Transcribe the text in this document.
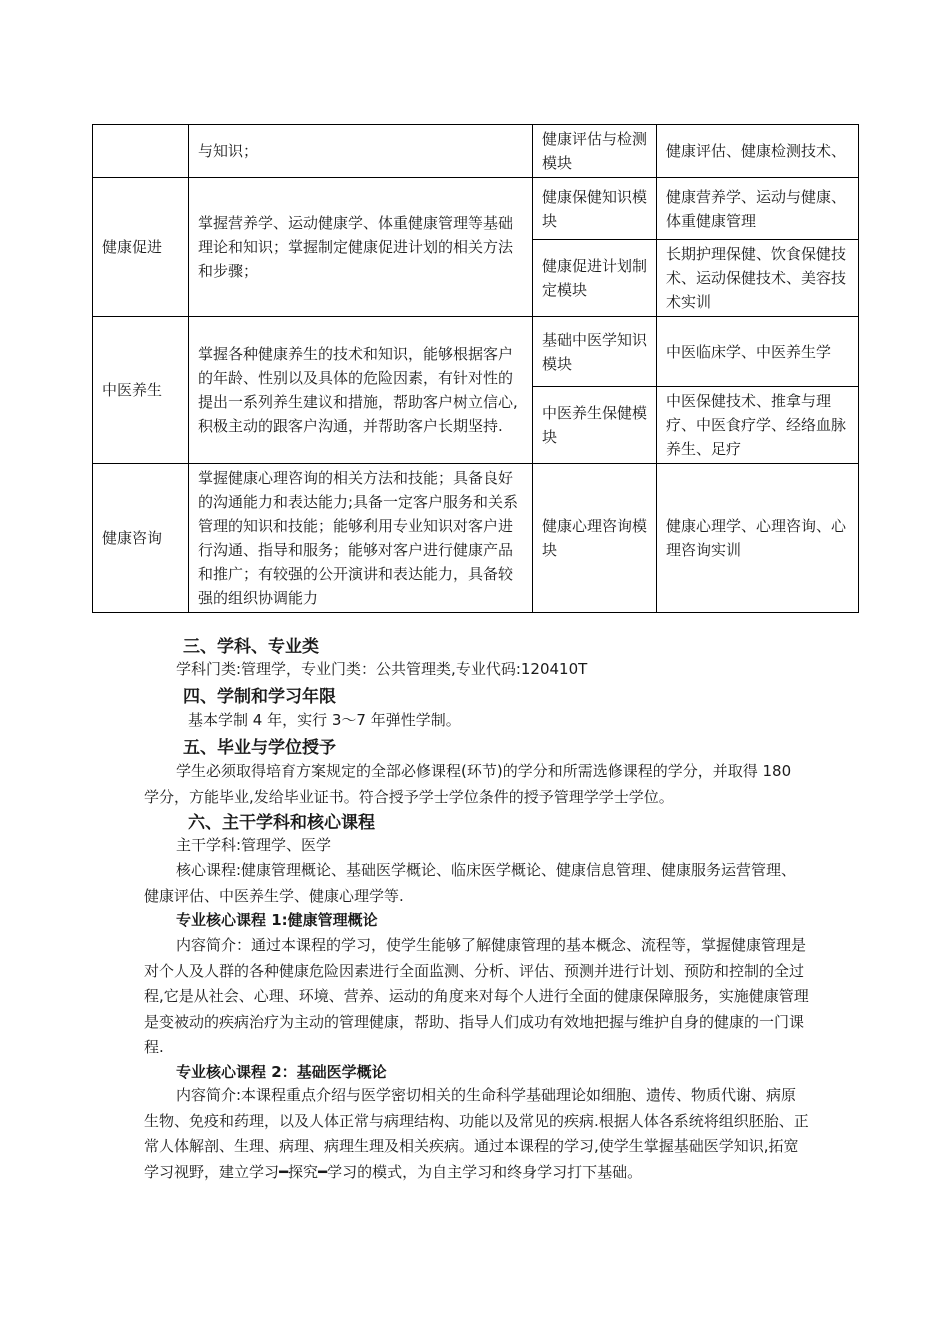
	与知识；	健康评估与检测模块	健康评估、健康检测技术、
健康促进	掌握营养学、运动健康学、体重健康管理等基础理论和知识；掌握制定健康促进计划的相关方法和步骤；	健康保健知识模块	健康营养学、运动与健康、体重健康管理
		健康促进计划制定模块	长期护理保健、饮食保健技术、运动保健技术、美容技术实训
中医养生	掌握各种健康养生的技术和知识，能够根据客户的年龄、性别以及具体的危险因素，有针对性的提出一系列养生建议和措施，帮助客户树立信心, 积极主动的跟客户沟通，并帮助客户长期坚持.	基础中医学知识模块	中医临床学、中医养生学
		中医养生保健模块	中医保健技术、推拿与理疗、中医食疗学、经络血脉养生、足疗
健康咨询	掌握健康心理咨询的相关方法和技能；具备良好的沟通能力和表达能力;具备一定客户服务和关系管理的知识和技能；能够利用专业知识对客户进行沟通、指导和服务；能够对客户进行健康产品和推广；有较强的公开演讲和表达能力，具备较强的组织协调能力	健康心理咨询模块	健康心理学、心理咨询、心理咨询实训
三、学科、专业类
学科门类:管理学，专业门类：公共管理类,专业代码:120410T
四、学制和学习年限
基本学制 4 年，实行 3～7 年弹性学制。
五、毕业与学位授予
学生必须取得培育方案规定的全部必修课程(环节)的学分和所需选修课程的学分，并取得 180 学分，方能毕业,发给毕业证书。符合授予学士学位条件的授予管理学学士学位。
六、主干学科和核心课程
主干学科:管理学、医学
核心课程:健康管理概论、基础医学概论、临床医学概论、健康信息管理、健康服务运营管理、健康评估、中医养生学、健康心理学等.
专业核心课程 1:健康管理概论
内容简介：通过本课程的学习，使学生能够了解健康管理的基本概念、流程等，掌握健康管理是对个人及人群的各种健康危险因素进行全面监测、分析、评估、预测并进行计划、预防和控制的全过程,它是从社会、心理、环境、营养、运动的角度来对每个人进行全面的健康保障服务，实施健康管理是变被动的疾病治疗为主动的管理健康，帮助、指导人们成功有效地把握与维护自身的健康的一门课程.
专业核心课程 2：基础医学概论
内容简介:本课程重点介绍与医学密切相关的生命科学基础理论如细胞、遗传、物质代谢、病原生物、免疫和药理，以及人体正常与病理结构、功能以及常见的疾病.根据人体各系统将组织胚胎、正常人体解剖、生理、病理、病理生理及相关疾病。通过本课程的学习,使学生掌握基础医学知识,拓宽学习视野，建立学习━探究━学习的模式，为自主学习和终身学习打下基础。
